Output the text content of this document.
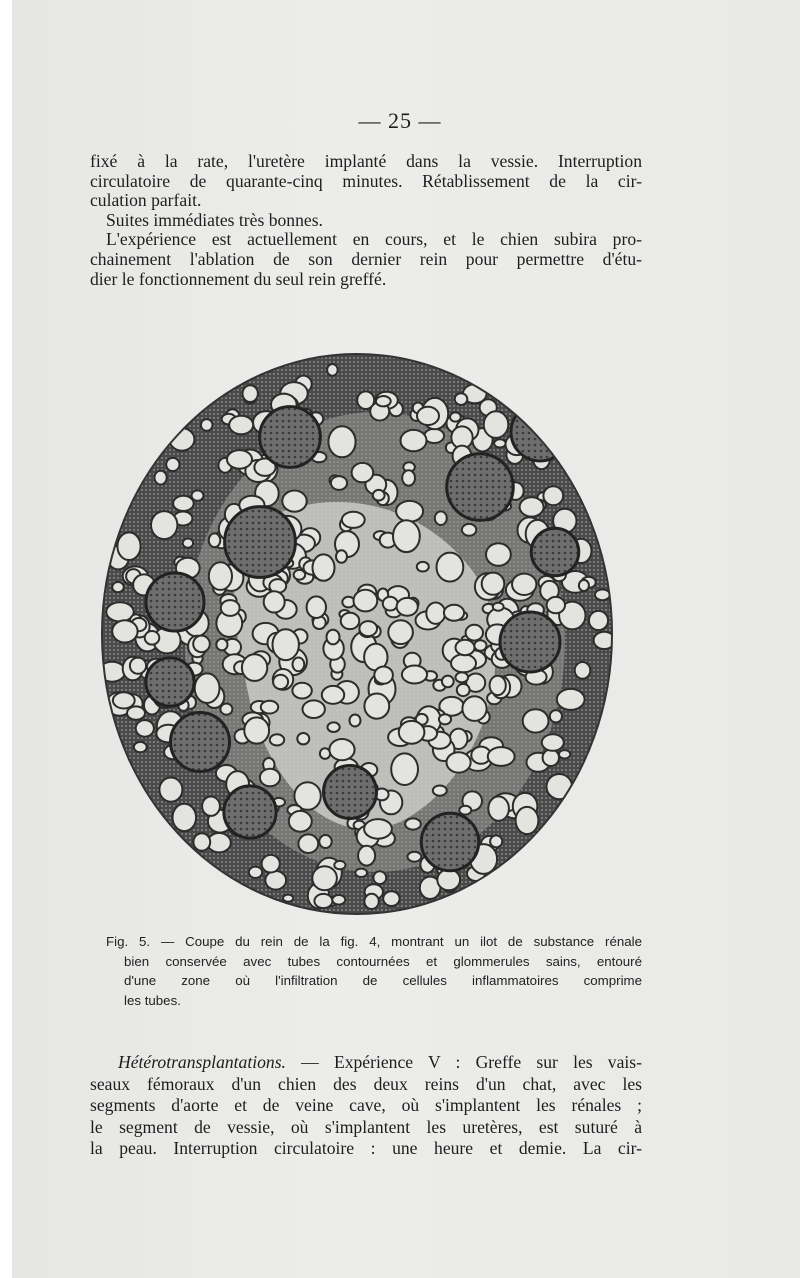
— 25 —
fixé à la rate, l'uretère implanté dans la vessie. Interruption
circulatoire de quarante-cinq minutes. Rétablissement de la cir-
culation parfait.
Suites immédiates très bonnes.
L'expérience est actuellement en cours, et le chien subira pro-
chainement l'ablation de son dernier rein pour permettre d'étu-
dier le fonctionnement du seul rein greffé.
Fig. 5. — Coupe du rein de la fig. 4, montrant un ilot de substance rénale
bien conservée avec tubes contournées et glommerules sains, entouré
d'une zone où l'infiltration de cellules inflammatoires comprime
les tubes.
Hétérotransplantations. — Expérience V : Greffe sur les vais-
seaux fémoraux d'un chien des deux reins d'un chat, avec les
segments d'aorte et de veine cave, où s'implantent les rénales ;
le segment de vessie, où s'implantent les uretères, est suturé à
la peau. Interruption circulatoire : une heure et demie. La cir-
